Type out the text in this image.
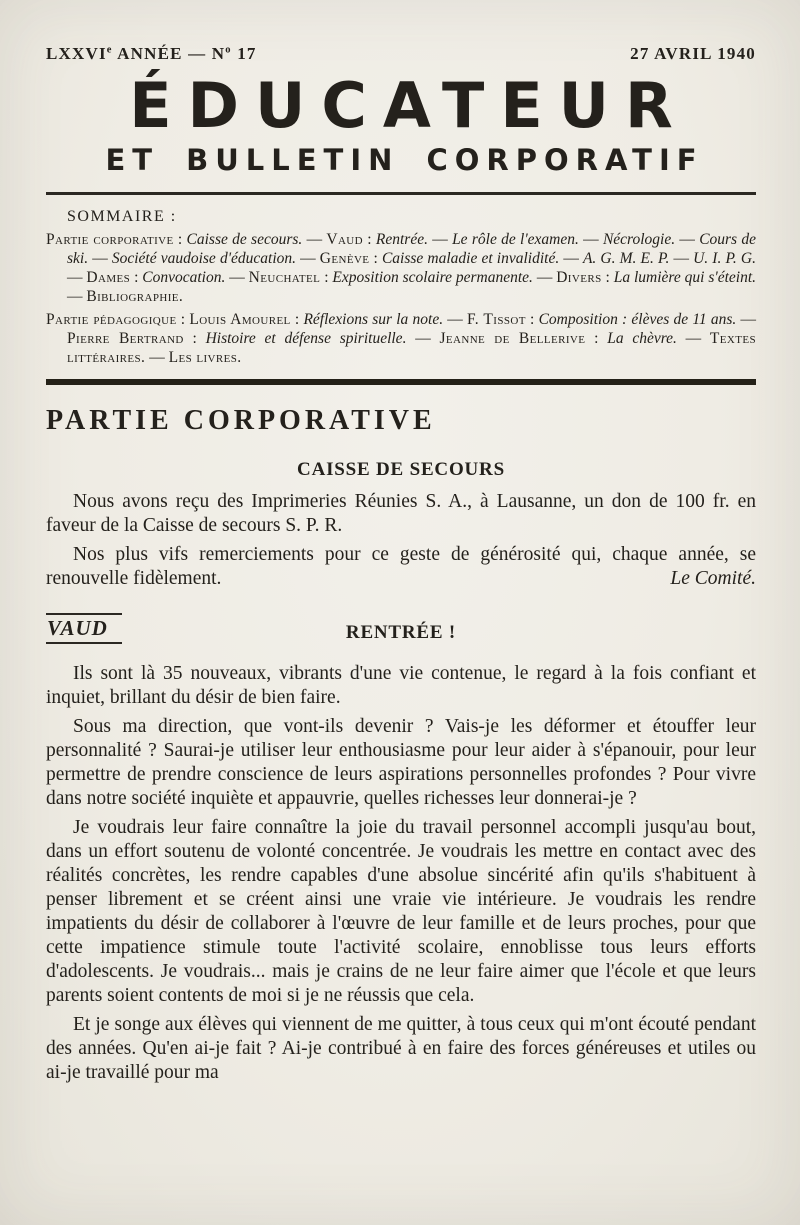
LXXVIe ANNÉE — $N^o$ 17	27 AVRIL 1940
ÉDUCATEUR
ET BULLETIN CORPORATIF
SOMMAIRE :

Partie corporative : Caisse de secours. — Vaud : Rentrée. — Le rôle de l'examen. — Nécrologie. — Cours de ski. — Société vaudoise d'éducation. — Genève : Caisse maladie et invalidité. — A. G. M. E. P. — U. I. P. G. — Dames : Convocation. — Neuchatel : Exposition scolaire permanente. — Divers : La lumière qui s'éteint. — Bibliographie.

Partie pédagogique : Louis Amourel : Réflexions sur la note. — F. Tissot : Composition : élèves de 11 ans. — Pierre Bertrand : Histoire et défense spirituelle. — Jeanne de Bellerive : La chèvre. — Textes littéraires. — Les livres.

PARTIE CORPORATIVE
CAISSE DE SECOURS

Nous avons reçu des Imprimeries Réunies S. A., à Lausanne, un don de 100 fr. en faveur de la Caisse de secours S. P. R.

Nos plus vifs remerciements pour ce geste de générosité qui, chaque année, se renouvelle fidèlement.	Le Comité.

VAUD	RENTRÉE !

Ils sont là 35 nouveaux, vibrants d'une vie contenue, le regard à la fois confiant et inquiet, brillant du désir de bien faire.

Sous ma direction, que vont-ils devenir ? Vais-je les déformer et étouffer leur personnalité ? Saurai-je utiliser leur enthousiasme pour leur aider à s'épanouir, pour leur permettre de prendre conscience de leurs aspirations personnelles profondes ? Pour vivre dans notre société inquiète et appauvrie, quelles richesses leur donnerai-je ?

Je voudrais leur faire connaître la joie du travail personnel accompli jusqu'au bout, dans un effort soutenu de volonté concentrée. Je voudrais les mettre en contact avec des réalités concrètes, les rendre capables d'une absolue sincérité afin qu'ils s'habituent à penser librement et se créent ainsi une vraie vie intérieure. Je voudrais les rendre impatients du désir de collaborer à l'œuvre de leur famille et de leurs proches, pour que cette impatience stimule toute l'activité scolaire, ennoblisse tous leurs efforts d'adolescents. Je voudrais... mais je crains de ne leur faire aimer que l'école et que leurs parents soient contents de moi si je ne réussis que cela.

Et je songe aux élèves qui viennent de me quitter, à tous ceux qui m'ont écouté pendant des années. Qu'en ai-je fait ? Ai-je contribué à en faire des forces généreuses et utiles ou ai-je travaillé pour ma
